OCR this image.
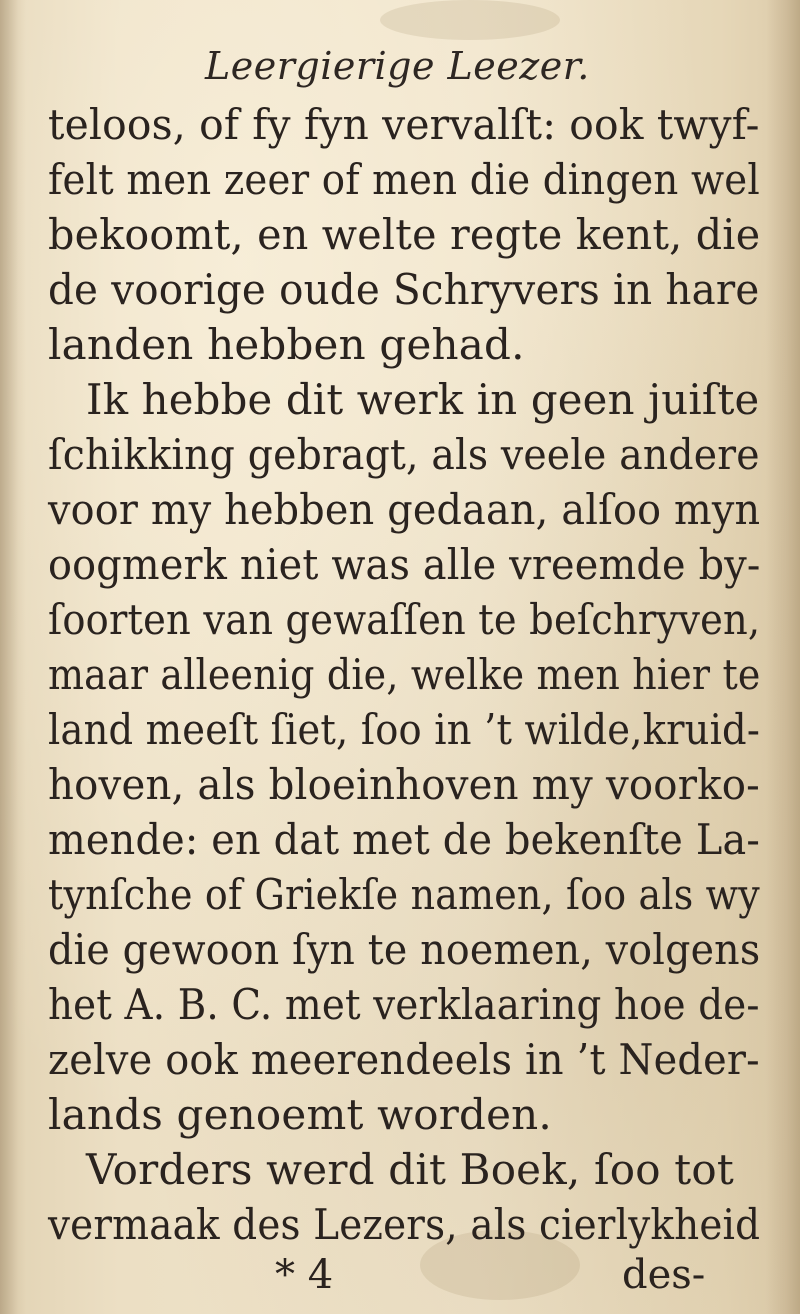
Leergierige Leezer.
teloos, of fy fyn vervalſt: ook twyf-
felt men zeer of men die dingen wel
bekoomt, en welte regte kent, die
de voorige oude Schryvers in hare
landen hebben gehad.
Ik hebbe dit werk in geen juiſte
ſchikking gebragt, als veele andere
voor my hebben gedaan, alſoo myn
oogmerk niet was alle vreemde by-
ſoorten van gewaſſen te beſchryven,
maar alleenig die, welke men hier te
land meeſt ſiet, ſoo in ’t wilde,kruid-
hoven, als bloeinhoven my voorko-
mende: en dat met de bekenſte La-
tynſche of Griekſe namen, ſoo als wy
die gewoon ſyn te noemen, volgens
het A. B. C. met verklaaring hoe de-
zelve ook meerendeels in ’t Neder-
lands genoemt worden.
Vorders werd dit Boek, ſoo tot
vermaak des Lezers, als cierlykheid
* 4	des-
